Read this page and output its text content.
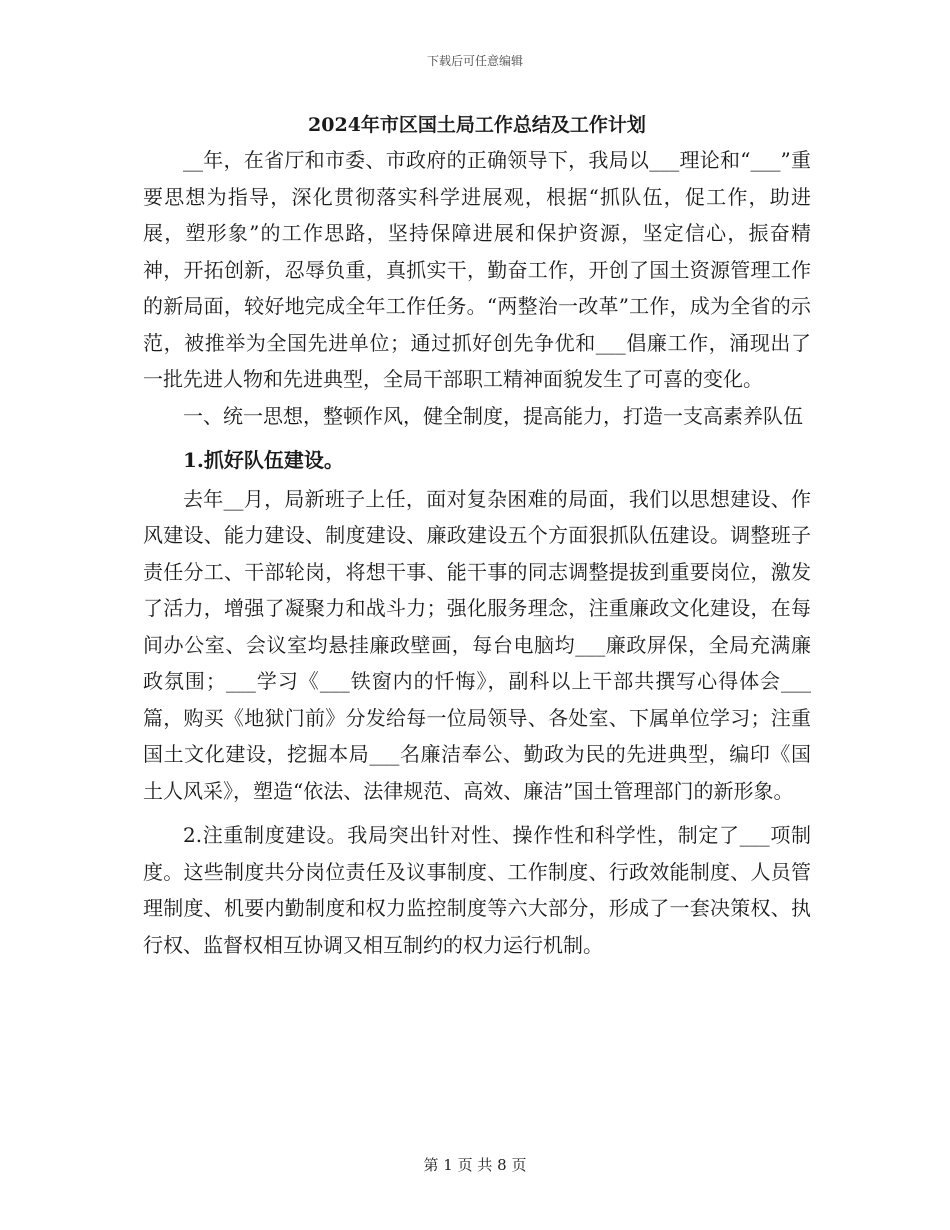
下载后可任意编辑
2024年市区国土局工作总结及工作计划

__年，在省厅和市委、市政府的正确领导下，我局以___理论和“___”重要思想为指导，深化贯彻落实科学进展观，根据“抓队伍，促工作，助进展，塑形象”的工作思路，坚持保障进展和保护资源，坚定信心，振奋精神，开拓创新，忍辱负重，真抓实干，勤奋工作，开创了国土资源管理工作的新局面，较好地完成全年工作任务。“两整治一改革”工作，成为全省的示范，被推举为全国先进单位；通过抓好创先争优和___倡廉工作，涌现出了一批先进人物和先进典型，全局干部职工精神面貌发生了可喜的变化。

一、统一思想，整顿作风，健全制度，提高能力，打造一支高素养队伍

1.抓好队伍建设。

去年__月，局新班子上任，面对复杂困难的局面，我们以思想建设、作风建设、能力建设、制度建设、廉政建设五个方面狠抓队伍建设。调整班子责任分工、干部轮岗，将想干事、能干事的同志调整提拔到重要岗位，激发了活力，增强了凝聚力和战斗力；强化服务理念，注重廉政文化建设，在每间办公室、会议室均悬挂廉政壁画，每台电脑均___廉政屏保，全局充满廉政氛围；___学习《___铁窗内的忏悔》，副科以上干部共撰写心得体会___篇，购买《地狱门前》分发给每一位局领导、各处室、下属单位学习；注重国土文化建设，挖掘本局___名廉洁奉公、勤政为民的先进典型，编印《国土人风采》，塑造“依法、法律规范、高效、廉洁”国土管理部门的新形象。

2.注重制度建设。我局突出针对性、操作性和科学性，制定了___项制度。这些制度共分岗位责任及议事制度、工作制度、行政效能制度、人员管理制度、机要内勤制度和权力监控制度等六大部分，形成了一套决策权、执行权、监督权相互协调又相互制约的权力运行机制。

第 1 页 共 8 页
